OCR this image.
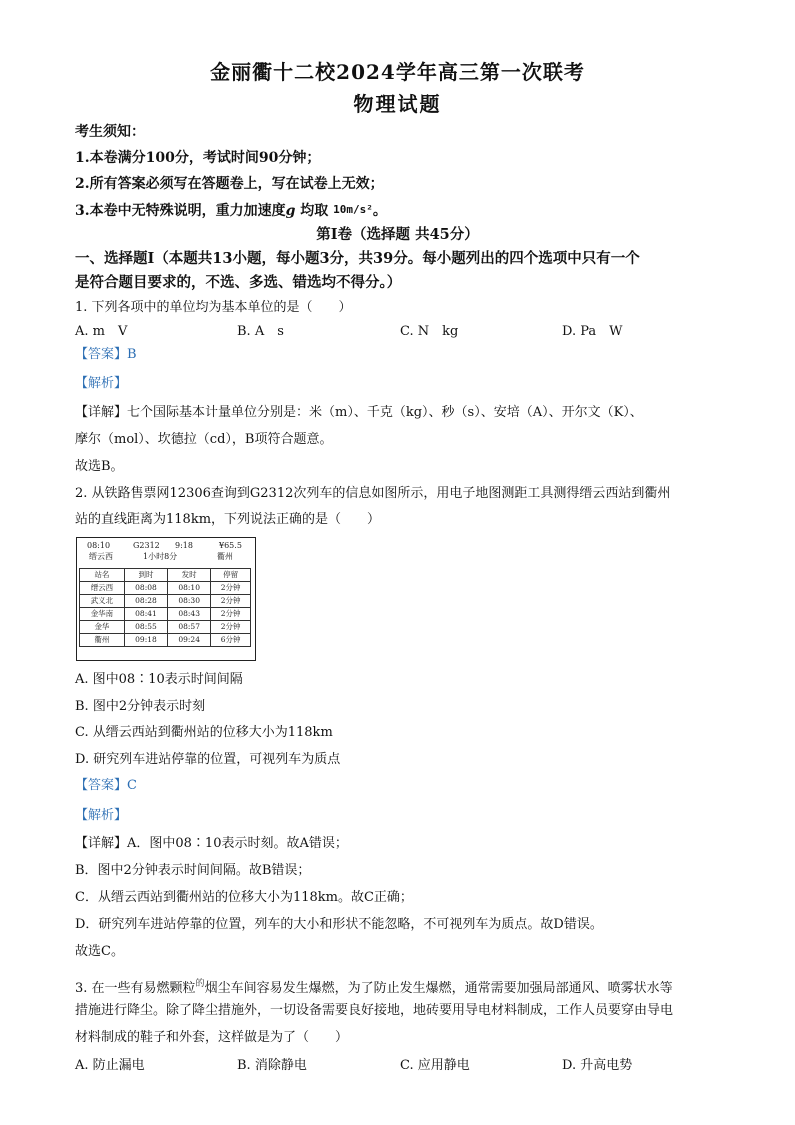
金丽衢十二校2024学年高三第一次联考
物理试题
考生须知：
1.本卷满分100分，考试时间90分钟；
2.所有答案必须写在答题卷上，写在试卷上无效；
3.本卷中无特殊说明，重力加速度g 均取 10m/s²。
第Ⅰ卷（选择题 共45分）
一、选择题Ⅰ（本题共13小题，每小题3分，共39分。每小题列出的四个选项中只有一个
是符合题目要求的，不选、多选、错选均不得分。）
1. 下列各项中的单位均为基本单位的是（　　）
A. m　V	B. A　s	C. N　kg	D. Pa　W
【答案】B
【解析】
【详解】七个国际基本计量单位分别是：米（m）、千克（kg）、秒（s）、安培（A）、开尔文（K）、
摩尔（mol）、坎德拉（cd），B项符合题意。
故选B。
2. 从铁路售票网12306查询到G2312次列车的信息如图所示，用电子地图测距工具测得缙云西站到衢州
站的直线距离为118km，下列说法正确的是（　　）
08:10	G2312 9:18	¥65.5
缙云西	1小时8分	衢州
站名	到时	发时	停留
缙云西	08:08	08:10	2分钟
武义北	08:28	08:30	2分钟
金华南	08:41	08:43	2分钟
金华	08:55	08:57	2分钟
衢州	09:18	09:24	6分钟
A. 图中08∶10表示时间间隔
B. 图中2分钟表示时刻
C. 从缙云西站到衢州站的位移大小为118km
D. 研究列车进站停靠的位置，可视列车为质点
【答案】C
【解析】
【详解】A．图中08∶10表示时刻。故A错误；
B．图中2分钟表示时间间隔。故B错误；
C．从缙云西站到衢州站的位移大小为118km。故C正确；
D．研究列车进站停靠的位置，列车的大小和形状不能忽略，不可视列车为质点。故D错误。
故选C。
3. 在一些有易燃颗粒$^的$烟尘车间容易发生爆燃，为了防止发生爆燃，通常需要加强局部通风、喷雾状水等
措施进行降尘。除了降尘措施外，一切设备需要良好接地，地砖要用导电材料制成，工作人员要穿由导电
材料制成的鞋子和外套，这样做是为了（　　）
A. 防止漏电	B. 消除静电	C. 应用静电	D. 升高电势
